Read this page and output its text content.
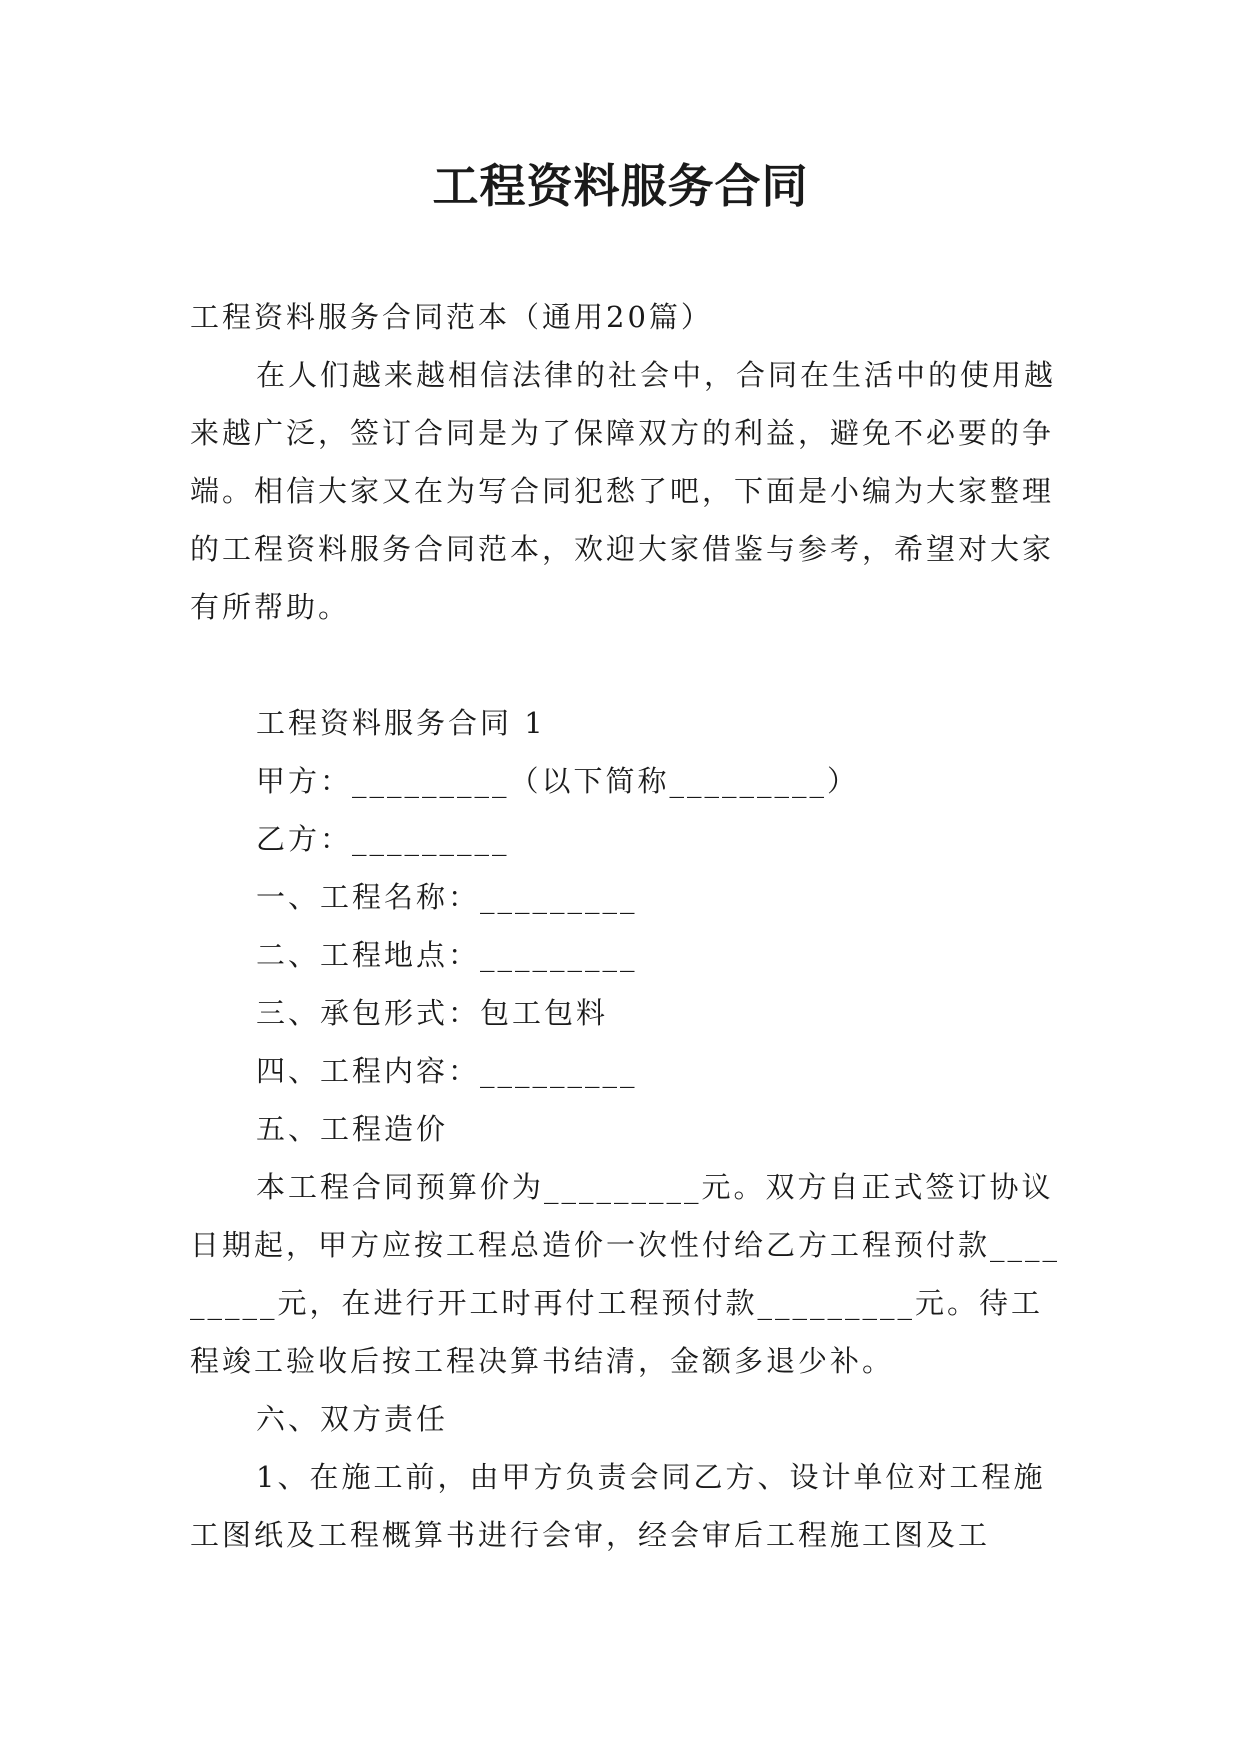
工程资料服务合同

工程资料服务合同范本（通用20篇）

在人们越来越相信法律的社会中，合同在生活中的使用越来越广泛，签订合同是为了保障双方的利益，避免不必要的争端。相信大家又在为写合同犯愁了吧，下面是小编为大家整理的工程资料服务合同范本，欢迎大家借鉴与参考，希望对大家有所帮助。

工程资料服务合同 1

甲方：_________（以下简称_________）

乙方：_________

一、工程名称：_________

二、工程地点：_________

三、承包形式：包工包料

四、工程内容：_________

五、工程造价

本工程合同预算价为_________元。双方自正式签订协议日期起，甲方应按工程总造价一次性付给乙方工程预付款_________元，在进行开工时再付工程预付款_________元。待工程竣工验收后按工程决算书结清，金额多退少补。

六、双方责任

1、在施工前，由甲方负责会同乙方、设计单位对工程施工图纸及工程概算书进行会审，经会审后工程施工图及工
